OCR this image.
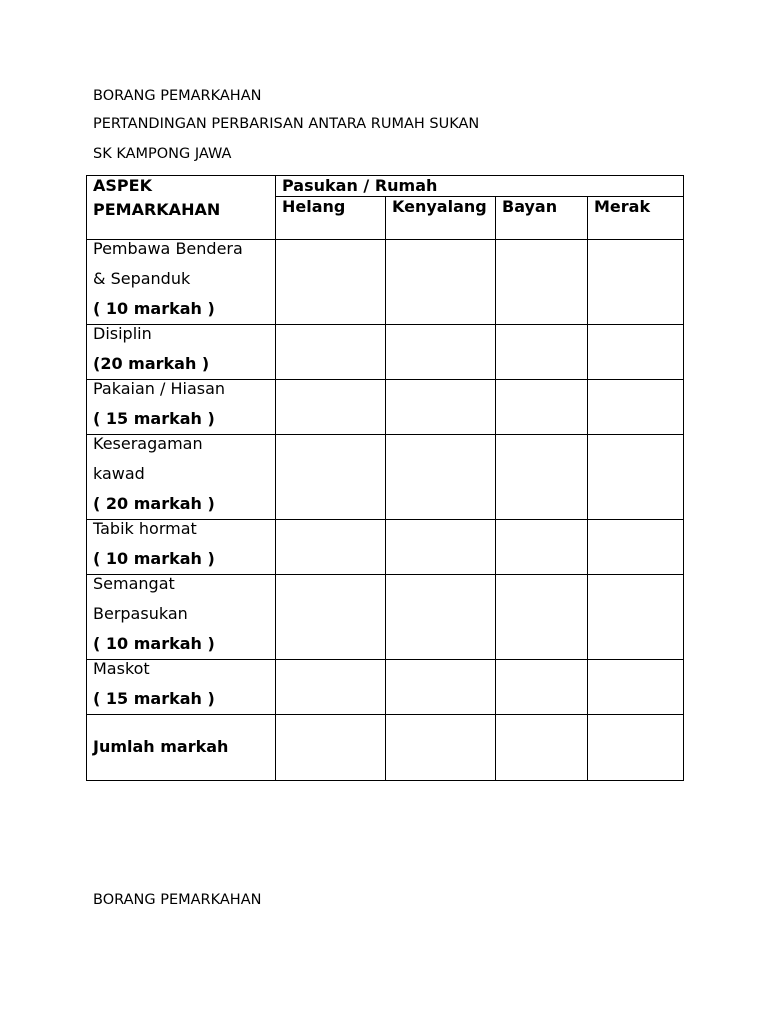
BORANG PEMARKAHAN
PERTANDINGAN PERBARISAN ANTARA RUMAH SUKAN
SK KAMPONG JAWA
ASPEK
PEMARKAHAN	Pasukan / Rumah			
	Helang	Kenyalang	Bayan	Merak

Pembawa Bendera
& Sepanduk
( 10 markah )				

Disiplin
(20 markah )				

Pakaian / Hiasan
( 15 markah )				

Keseragaman
kawad
( 20 markah )				

Tabik hormat
( 10 markah )				

Semangat
Berpasukan
( 10 markah )				

Maskot
( 15 markah )				

Jumlah markah				

BORANG PEMARKAHAN
